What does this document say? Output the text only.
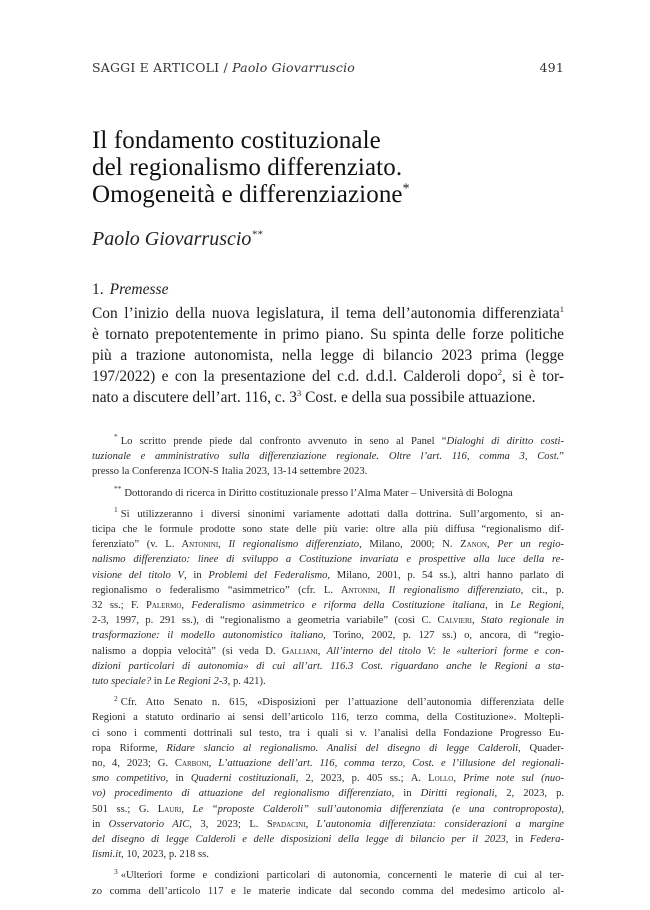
SAGGI E ARTICOLI / Paolo Giovarruscio	491
Il fondamento costituzionale
del regionalismo differenziato.
Omogeneità e differenziazione*
Paolo Giovarruscio**
1. Premesse
Con l’inizio della nuova legislatura, il tema dell’autonomia differenziata$^1$
è tornato prepotentemente in primo piano. Su spinta delle forze politiche
più a trazione autonomista, nella legge di bilancio 2023 prima (legge
197/2022) e con la presentazione del c.d. d.d.l. Calderoli dopo$^2$, si è tor-
nato a discutere dell’art. 116, c. $3^3$ Cost. e della sua possibile attuazione.
* Lo scritto prende piede dal confronto avvenuto in seno al Panel “Dialoghi di diritto costi-
tuzionale e amministrativo sulla differenziazione regionale. Oltre l’art. 116, comma 3, Cost.”
presso la Conferenza ICON-S Italia 2023, 13-14 settembre 2023.
** Dottorando di ricerca in Diritto costituzionale presso l’Alma Mater – Università di Bologna
$^1$ Si utilizzeranno i diversi sinonimi variamente adottati dalla dottrina. Sull’argomento, si an-
ticipa che le formule prodotte sono state delle più varie: oltre alla più diffusa “regionalismo dif-
ferenziato” (v. L. Antonini, Il regionalismo differenziato, Milano, 2000; N. Zanon, Per un regio-
nalismo differenziato: linee di sviluppo a Costituzione invariata e prospettive alla luce della re-
visione del titolo V, in Problemi del Federalismo, Milano, 2001, p. 54 ss.), altri hanno parlato di
regionalismo o federalismo “asimmetrico” (cfr. L. Antonini, Il regionalismo differenziato, cit., p.
32 ss.; F. Palermo, Federalismo asimmetrico e riforma della Costituzione italiana, in Le Regioni,
2-3, 1997, p. 291 ss.), di “regionalismo a geometria variabile” (così C. Calvieri, Stato regionale in
trasformazione: il modello autonomistico italiano, Torino, 2002, p. 127 ss.) o, ancora, di “regio-
nalismo a doppia velocità” (si veda D. Galliani, All’interno del titolo V: le «ulteriori forme e con-
dizioni particolari di autonomia» di cui all’art. 116.3 Cost. riguardano anche le Regioni a sta-
tuto speciale? in Le Regioni 2-3, p. 421).
$^2$ Cfr. Atto Senato n. 615, «Disposizioni per l’attuazione dell’autonomia differenziata delle
Regioni a statuto ordinario ai sensi dell’articolo 116, terzo comma, della Costituzione». Moltepli-
ci sono i commenti dottrinali sul testo, tra i quali si v. l’analisi della Fondazione Progresso Eu-
ropa Riforme, Ridare slancio al regionalismo. Analisi del disegno di legge Calderoli, Quader-
no, 4, 2023; G. Carboni, L’attuazione dell’art. 116, comma terzo, Cost. e l’illusione del regionali-
smo competitivo, in Quaderni costituzionali, 2, 2023, p. 405 ss.; A. Lollo, Prime note sul (nuo-
vo) procedimento di attuazione del regionalismo differenziato, in Diritti regionali, 2, 2023, p.
501 ss.; G. Lauri, Le “proposte Calderoli” sull’autonomia differenziata (e una controproposta),
in Osservatorio AIC, 3, 2023; L. Spadacini, L’autonomia differenziata: considerazioni a margine
del disegno di legge Calderoli e delle disposizioni della legge di bilancio per il 2023, in Federa-
lismi.it, 10, 2023, p. 218 ss.
$^3$ «Ulteriori forme e condizioni particolari di autonomia, concernenti le materie di cui al ter-
zo comma dell’articolo 117 e le materie indicate dal secondo comma del medesimo articolo al-
